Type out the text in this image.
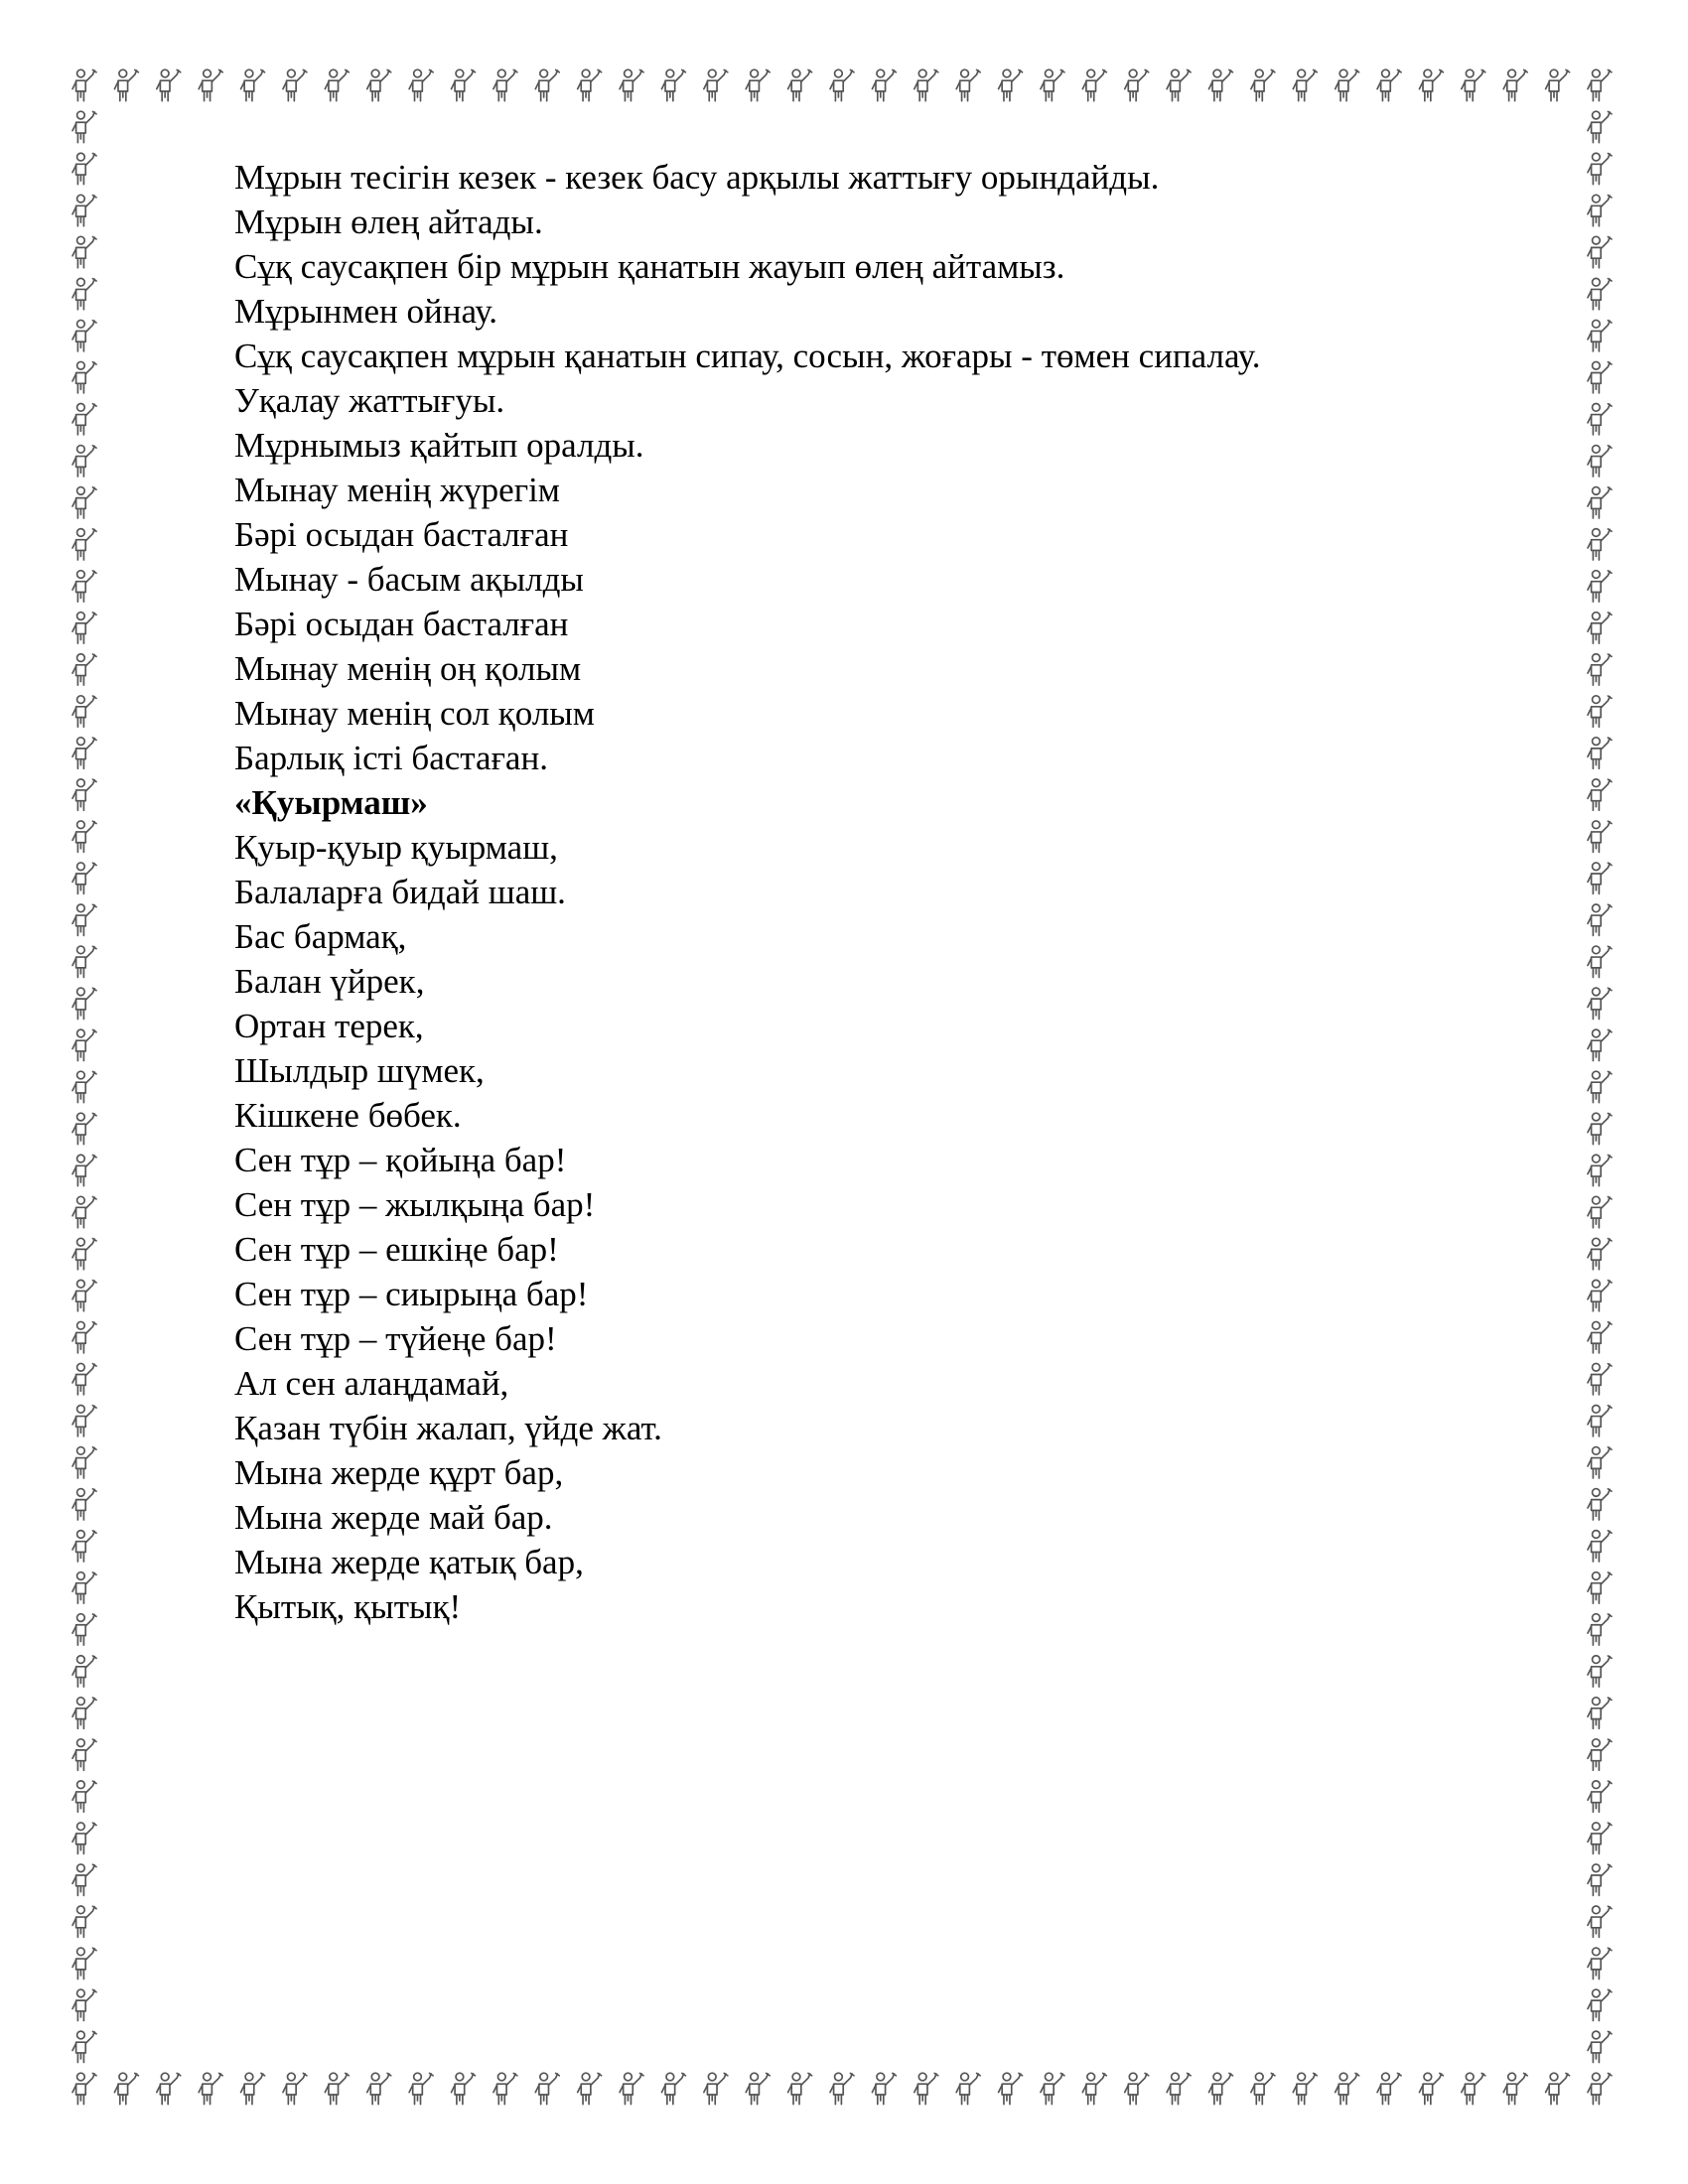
Мұрын тесігін кезек - кезек басу арқылы жаттығу орындайды.

Мұрын өлең айтады.

Сұқ саусақпен бір мұрын қанатын жауып өлең айтамыз.

Мұрынмен ойнау.

Сұқ саусақпен мұрын қанатын сипау, сосын, жоғары - төмен сипалау.

Уқалау жаттығуы.

Мұрнымыз қайтып оралды.

Мынау менің жүрегім

Бәрі осыдан басталған

Мынау - басым ақылды

Бәрі осыдан басталған

Мынау менің оң қолым

Мынау менің сол қолым

Барлық істі бастаған.

«Қуырмаш»

Қуыр-қуыр қуырмаш,

Балаларға бидай шаш.

Бас бармақ,

Балан үйрек,

Ортан терек,

Шылдыр шүмек,

Кішкене бөбек.

Сен тұр – қойыңа бар!

Сен тұр – жылқыңа бар!

Сен тұр – ешкіңе бар!

Сен тұр – сиырыңа бар!

Сен тұр – түйеңе бар!

Ал сен алаңдамай,

Қазан түбін жалап, үйде жат.

Мына жерде құрт бар,

Мына жерде май бар.

Мына жерде қатық бар,

Қытық, қытық!
